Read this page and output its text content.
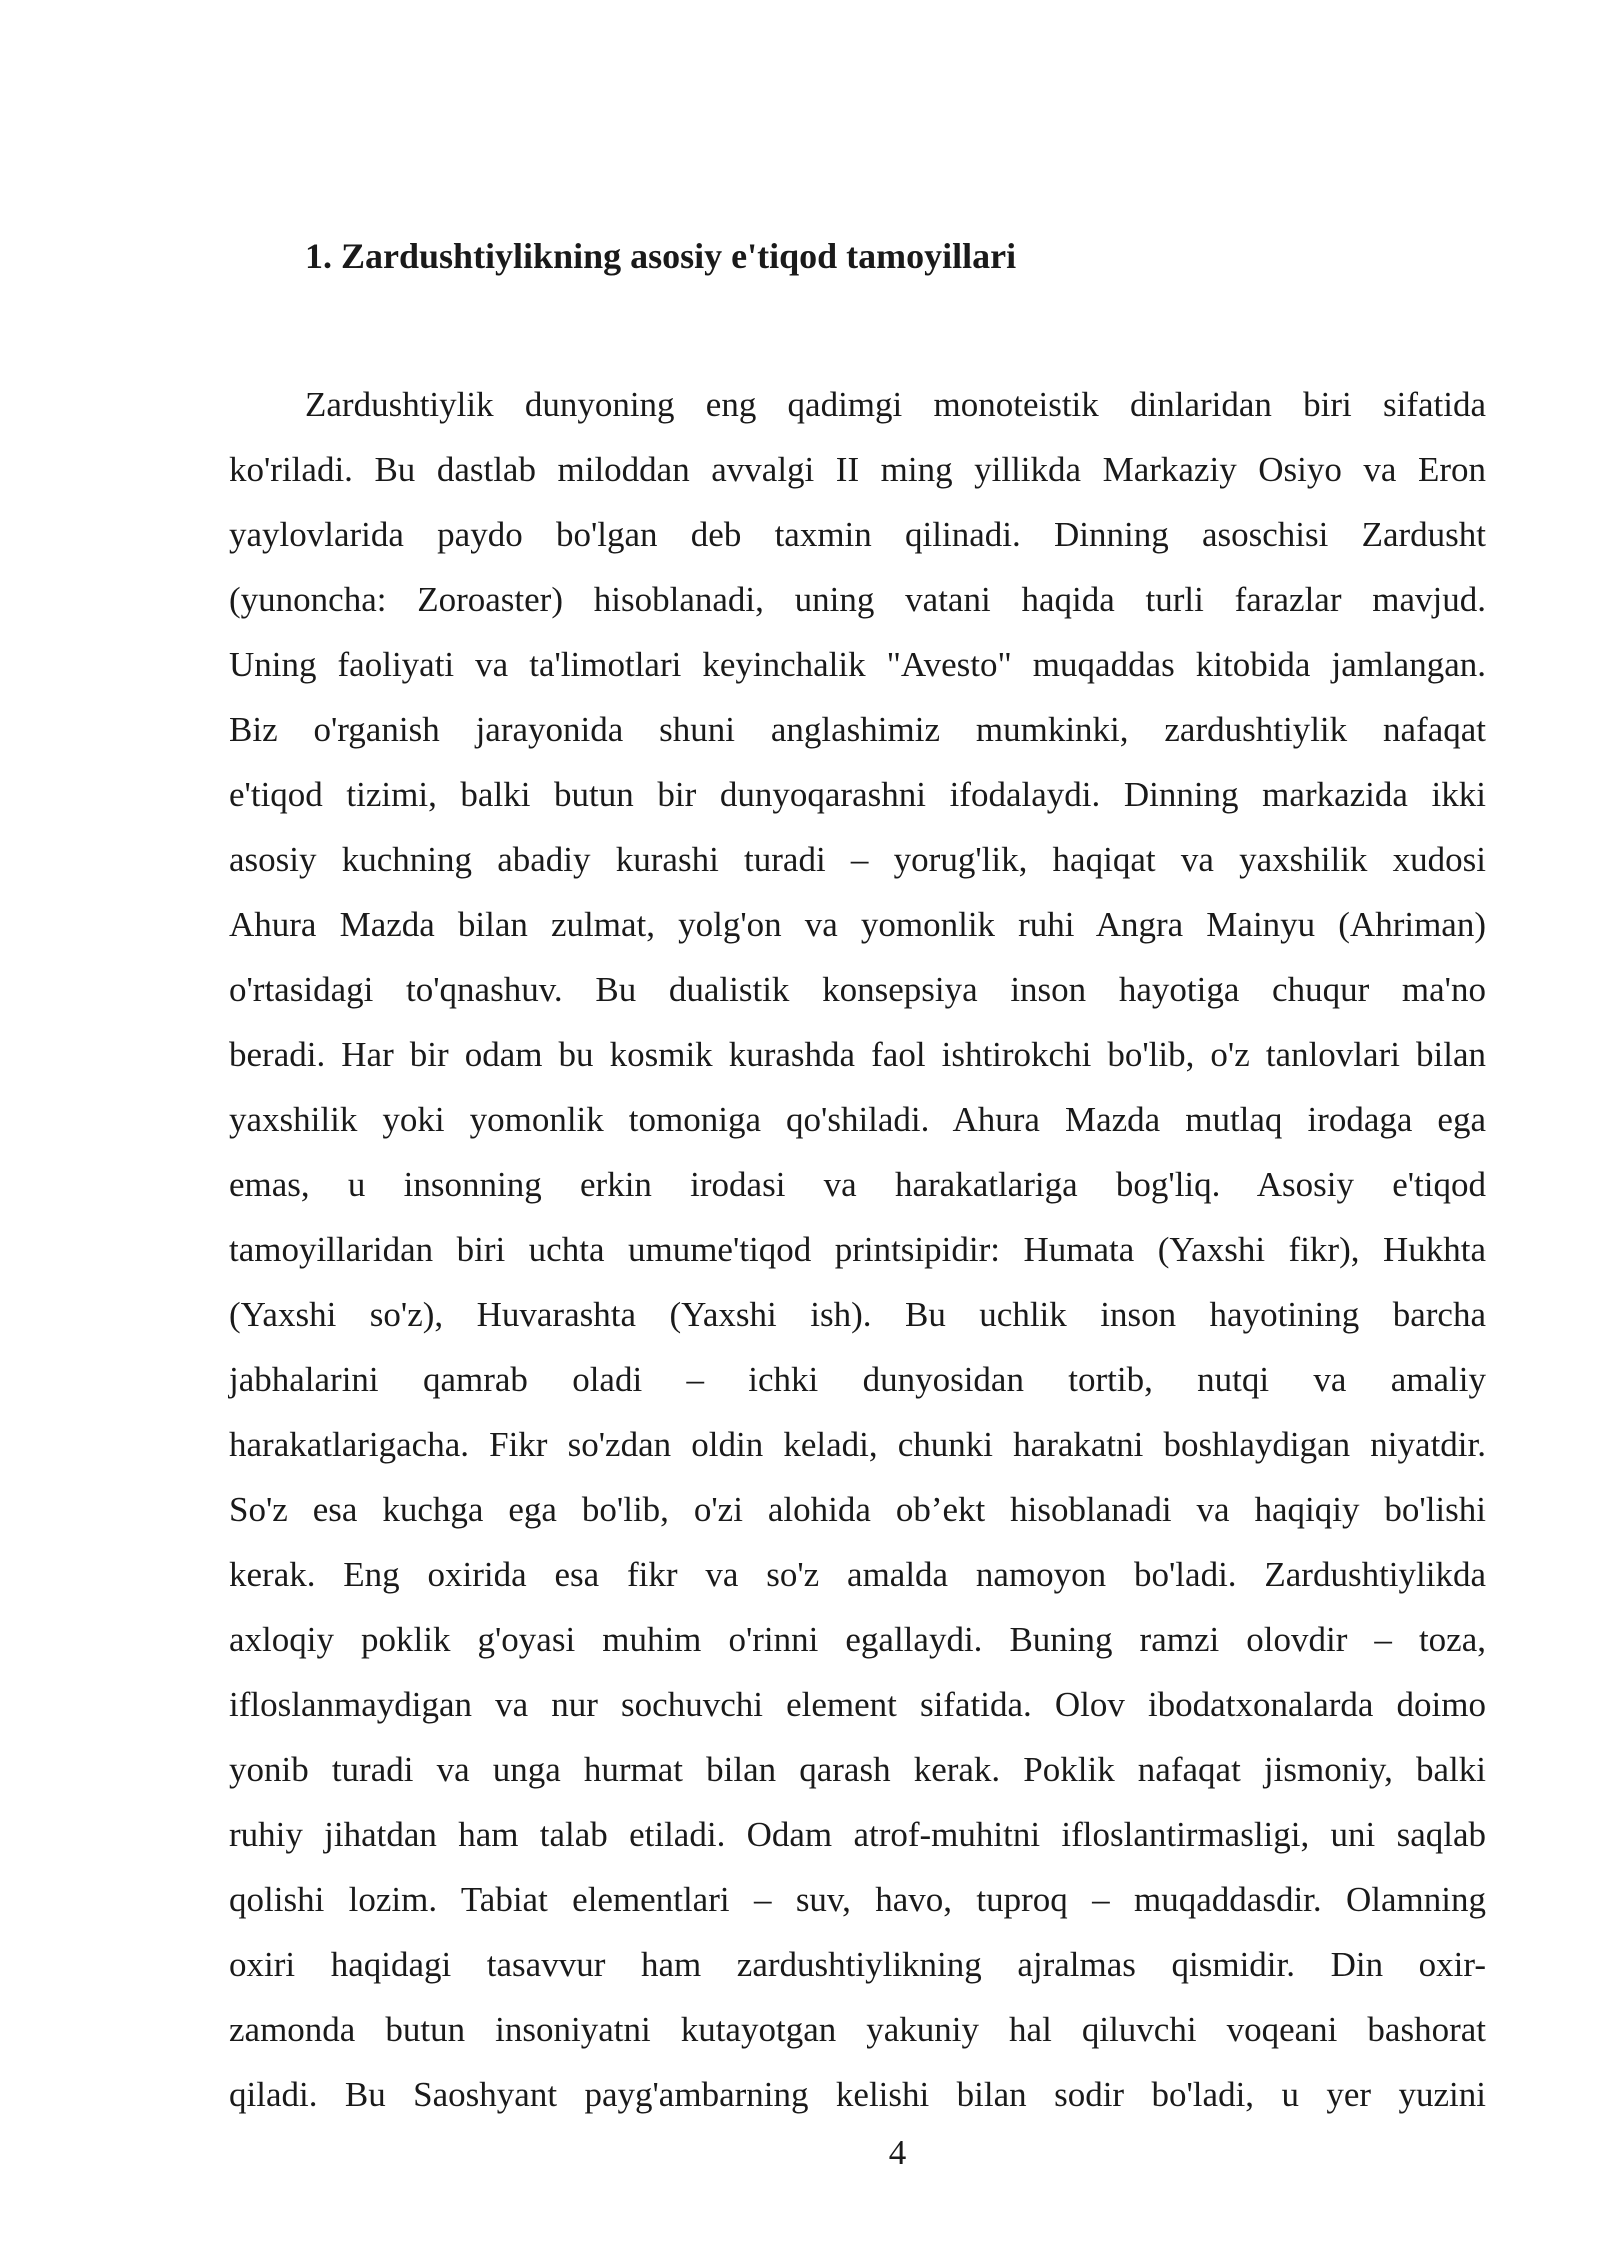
1. Zardushtiylikning asosiy e'tiqod tamoyillari
Zardushtiylik dunyoning eng qadimgi monoteistik dinlaridan biri sifatida
ko'riladi. Bu dastlab miloddan avvalgi II ming yillikda Markaziy Osiyo va Eron
yaylovlarida paydo bo'lgan deb taxmin qilinadi. Dinning asoschisi Zardusht
(yunoncha: Zoroaster) hisoblanadi, uning vatani haqida turli farazlar mavjud.
Uning faoliyati va ta'limotlari keyinchalik "Avesto" muqaddas kitobida jamlangan.
Biz o'rganish jarayonida shuni anglashimiz mumkinki, zardushtiylik nafaqat
e'tiqod tizimi, balki butun bir dunyoqarashni ifodalaydi. Dinning markazida ikki
asosiy kuchning abadiy kurashi turadi – yorug'lik, haqiqat va yaxshilik xudosi
Ahura Mazda bilan zulmat, yolg'on va yomonlik ruhi Angra Mainyu (Ahriman)
o'rtasidagi to'qnashuv. Bu dualistik konsepsiya inson hayotiga chuqur ma'no
beradi. Har bir odam bu kosmik kurashda faol ishtirokchi bo'lib, o'z tanlovlari bilan
yaxshilik yoki yomonlik tomoniga qo'shiladi. Ahura Mazda mutlaq irodaga ega
emas, u insonning erkin irodasi va harakatlariga bog'liq. Asosiy e'tiqod
tamoyillaridan biri uchta umume'tiqod printsipidir: Humata (Yaxshi fikr), Hukhta
(Yaxshi so'z), Huvarashta (Yaxshi ish). Bu uchlik inson hayotining barcha
jabhalarini qamrab oladi – ichki dunyosidan tortib, nutqi va amaliy
harakatlarigacha. Fikr so'zdan oldin keladi, chunki harakatni boshlaydigan niyatdir.
So'z esa kuchga ega bo'lib, o'zi alohida ob’ekt hisoblanadi va haqiqiy bo'lishi
kerak. Eng oxirida esa fikr va so'z amalda namoyon bo'ladi. Zardushtiylikda
axloqiy poklik g'oyasi muhim o'rinni egallaydi. Buning ramzi olovdir – toza,
ifloslanmaydigan va nur sochuvchi element sifatida. Olov ibodatxonalarda doimo
yonib turadi va unga hurmat bilan qarash kerak. Poklik nafaqat jismoniy, balki
ruhiy jihatdan ham talab etiladi. Odam atrof-muhitni ifloslantirmasligi, uni saqlab
qolishi lozim. Tabiat elementlari – suv, havo, tuproq – muqaddasdir. Olamning
oxiri haqidagi tasavvur ham zardushtiylikning ajralmas qismidir. Din oxir-
zamonda butun insoniyatni kutayotgan yakuniy hal qiluvchi voqeani bashorat
qiladi. Bu Saoshyant payg'ambarning kelishi bilan sodir bo'ladi, u yer yuzini
4
